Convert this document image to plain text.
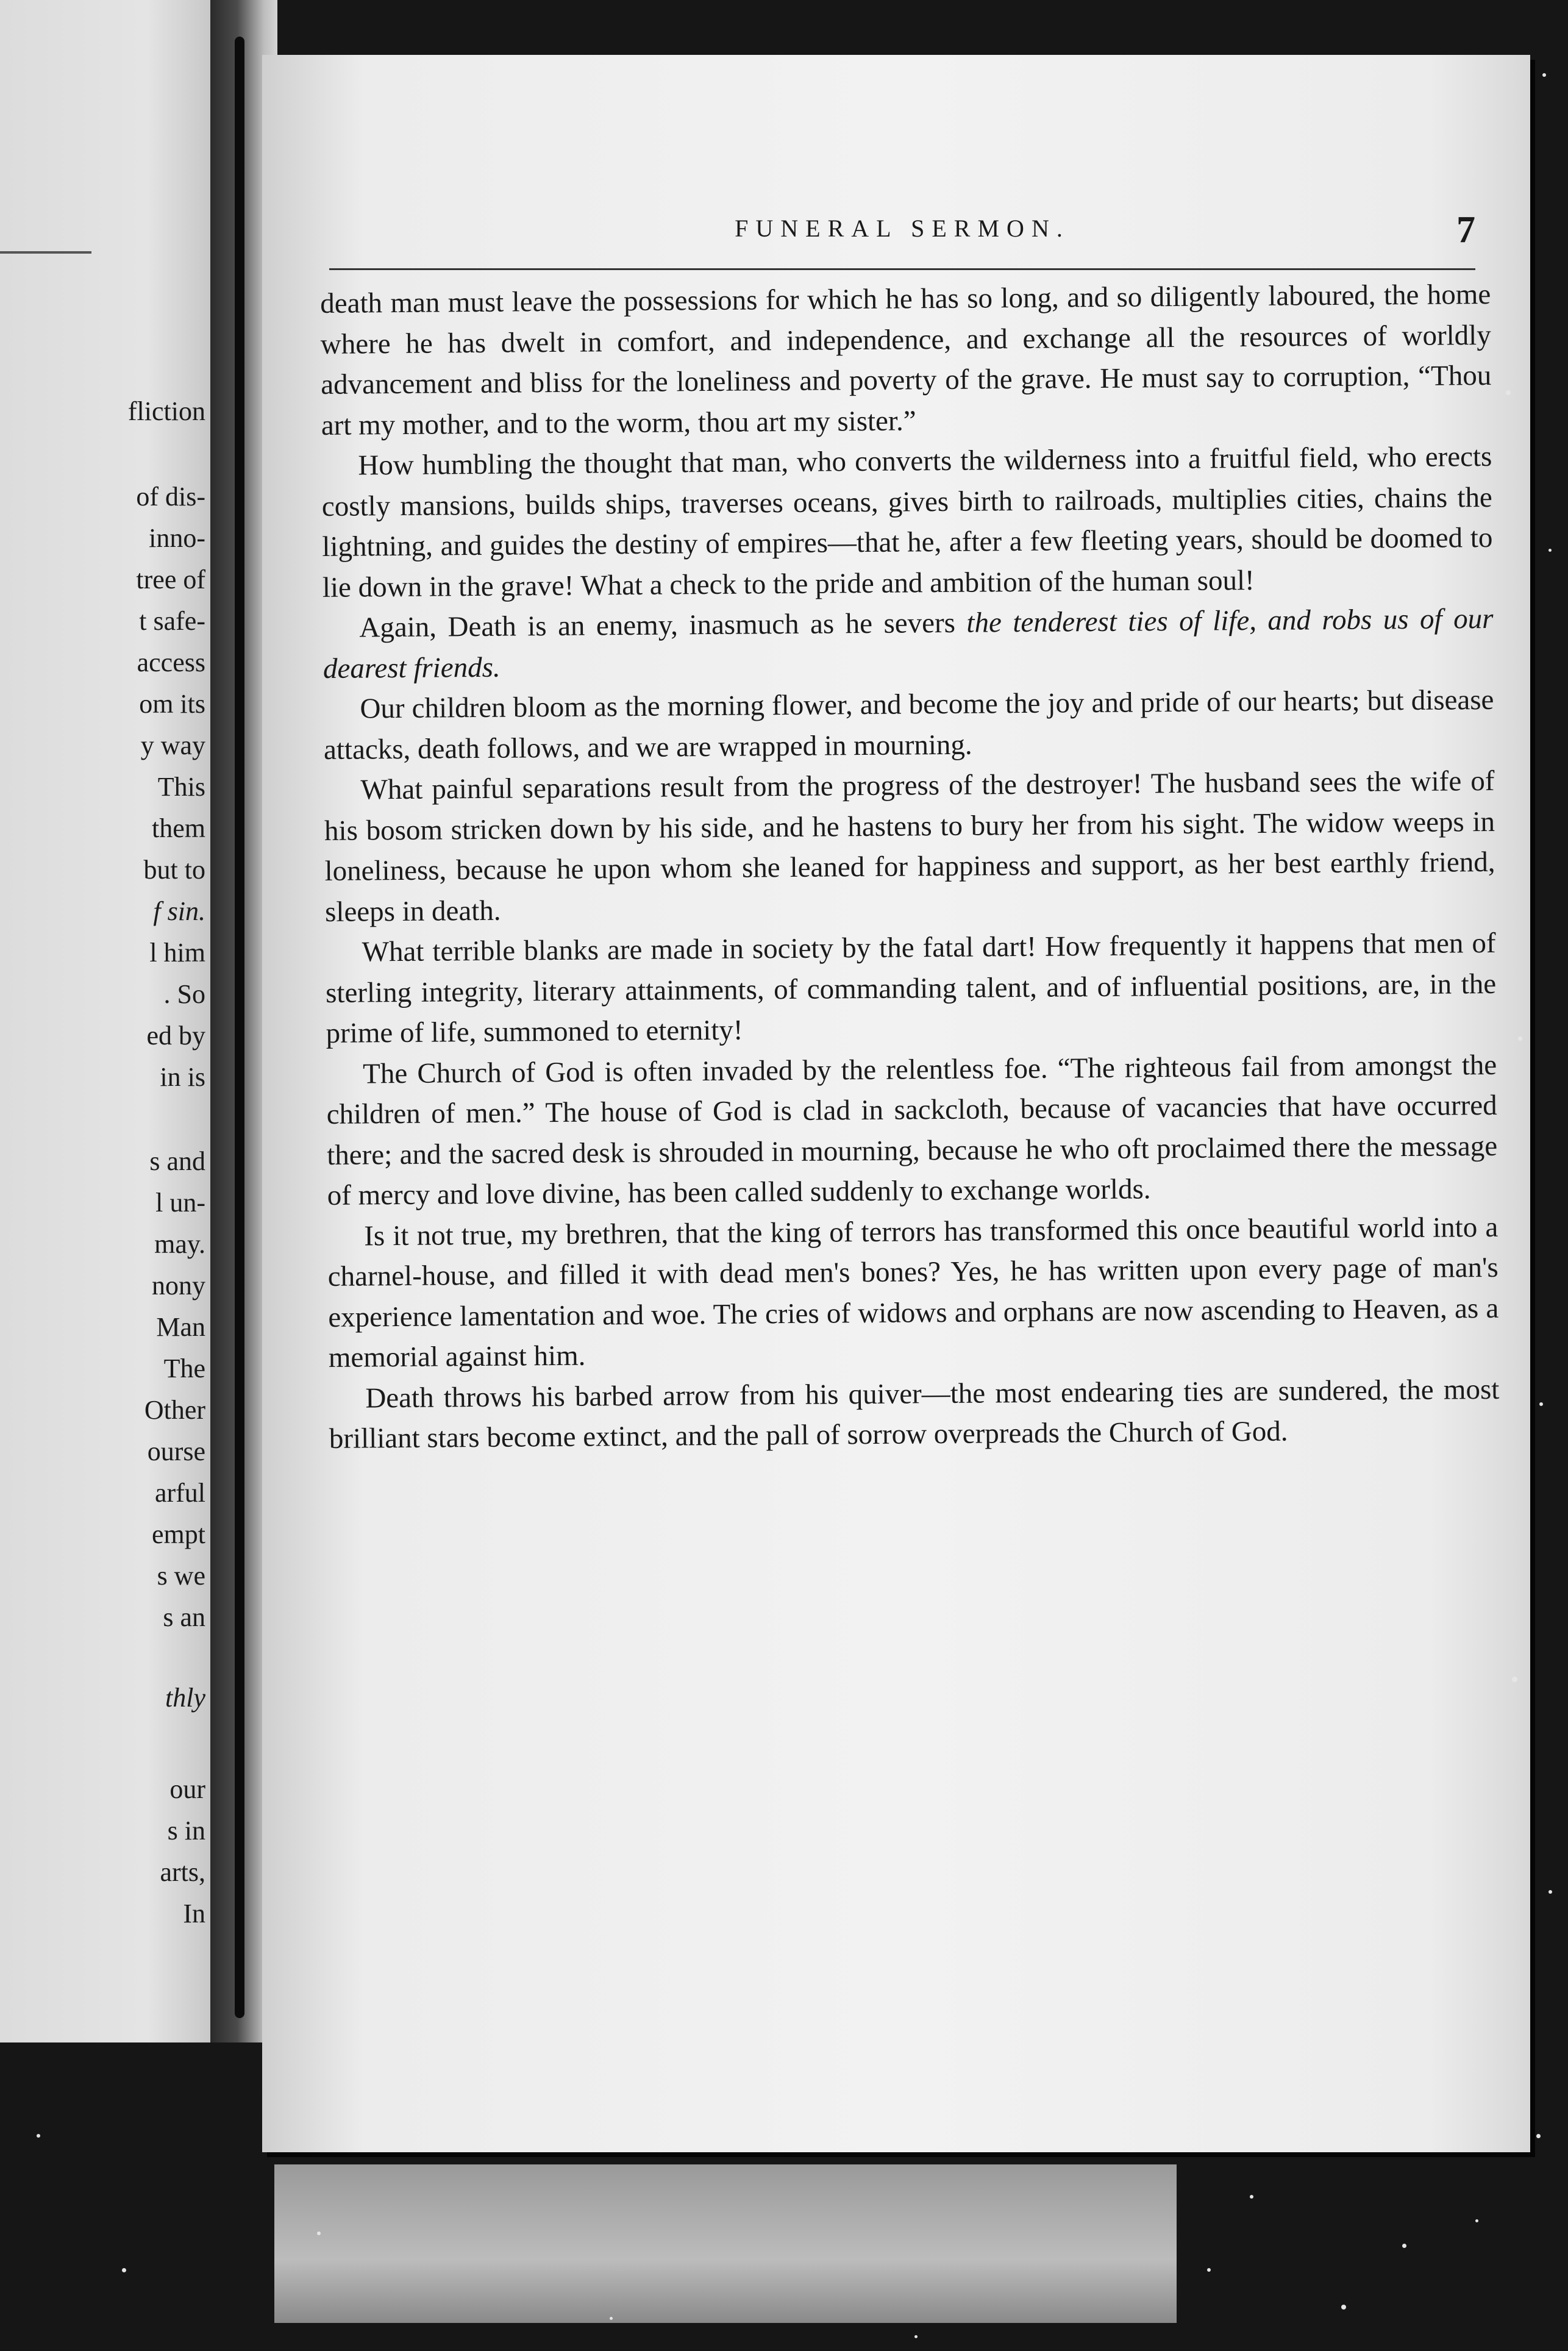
fliction
of dis-
inno-
tree of
t safe-
access
om its
y way
This
them
but to
f sin.
l him
. So
ed by
in is
s and
l un-
may.
nony
Man
The
Other
ourse
arful
empt
s we
s an
thly
our
s in
arts,
In
FUNERAL SERMON.	7

death man must leave the possessions for which he has so long, and so diligently laboured, the home where he has dwelt in comfort, and independence, and exchange all the resources of worldly advancement and bliss for the loneliness and poverty of the grave. He must say to corruption, “Thou art my mother, and to the worm, thou art my sister.”

How humbling the thought that man, who converts the wilderness into a fruitful field, who erects costly mansions, builds ships, traverses oceans, gives birth to railroads, multiplies cities, chains the lightning, and guides the destiny of empires—that he, after a few fleeting years, should be doomed to lie down in the grave! What a check to the pride and ambition of the human soul!

Again, Death is an enemy, inasmuch as he severs the tenderest ties of life, and robs us of our dearest friends.

Our children bloom as the morning flower, and become the joy and pride of our hearts; but disease attacks, death follows, and we are wrapped in mourning.

What painful separations result from the progress of the destroyer! The husband sees the wife of his bosom stricken down by his side, and he hastens to bury her from his sight. The widow weeps in loneliness, because he upon whom she leaned for happiness and support, as her best earthly friend, sleeps in death.

What terrible blanks are made in society by the fatal dart! How frequently it happens that men of sterling integrity, literary attainments, of commanding talent, and of influential positions, are, in the prime of life, summoned to eternity!

The Church of God is often invaded by the relentless foe. “The righteous fail from amongst the children of men.” The house of God is clad in sackcloth, because of vacancies that have occurred there; and the sacred desk is shrouded in mourning, because he who oft proclaimed there the message of mercy and love divine, has been called suddenly to exchange worlds.

Is it not true, my brethren, that the king of terrors has transformed this once beautiful world into a charnel-house, and filled it with dead men's bones? Yes, he has written upon every page of man's experience lamentation and woe. The cries of widows and orphans are now ascending to Heaven, as a memorial against him.

Death throws his barbed arrow from his quiver—the most endearing ties are sundered, the most brilliant stars become extinct, and the pall of sorrow overpreads the Church of God.
